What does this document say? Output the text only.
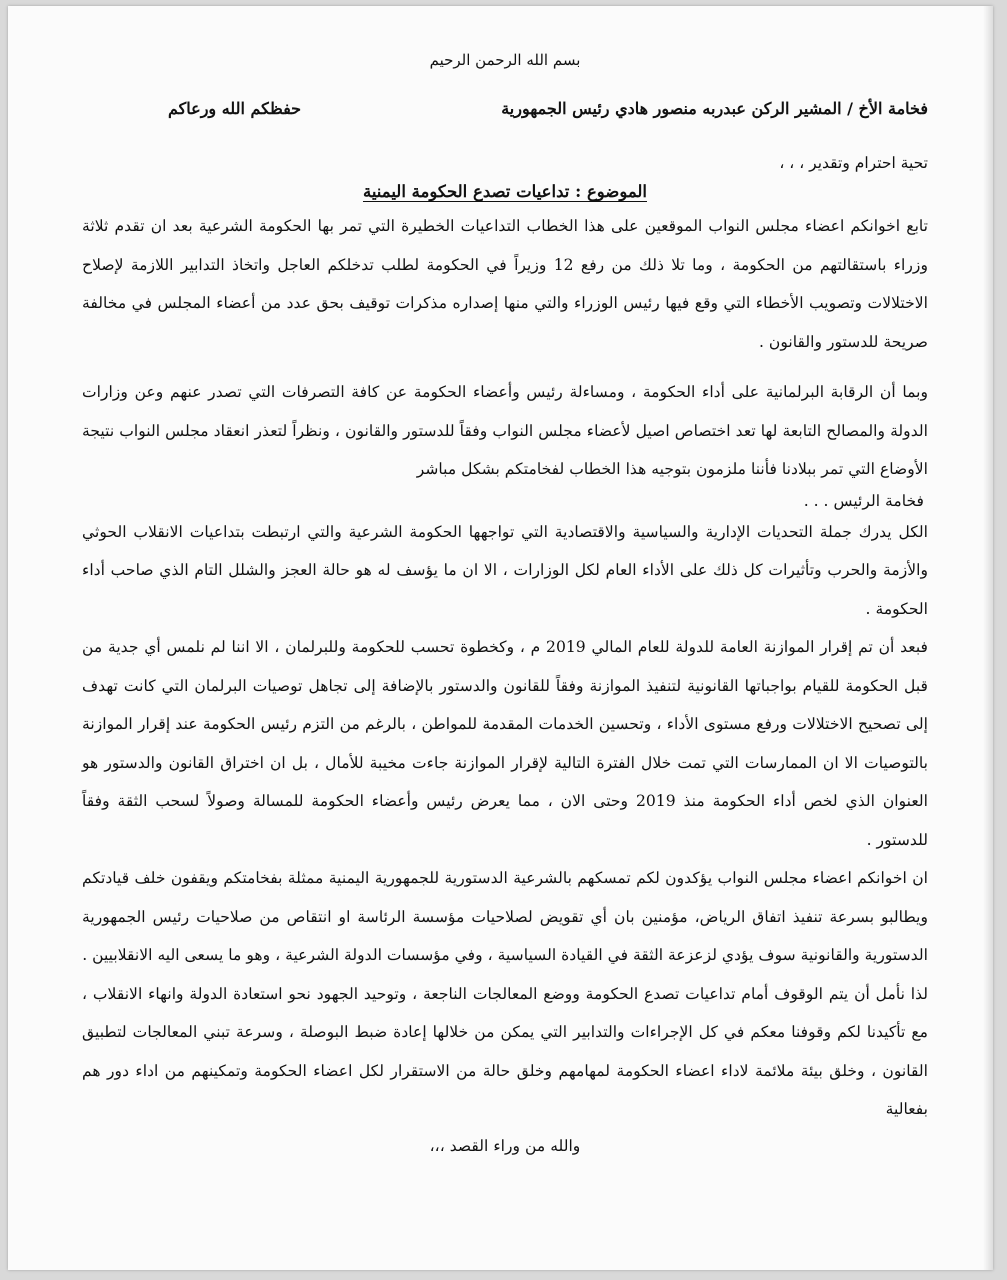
بسم الله الرحمن الرحيم
فخامة الأخ / المشير الركن عبدربه منصور هادي رئيس الجمهورية
حفظكم الله ورعاكم
تحية احترام وتقدير ، ، ،
الموضوع : تداعيات تصدع الحكومة اليمنية

تابع اخوانكم اعضاء مجلس النواب الموقعين على هذا الخطاب التداعيات الخطيرة التي تمر بها الحكومة الشرعية بعد ان تقدم ثلاثة وزراء باستقالتهم من الحكومة ، وما تلا ذلك من رفع 12 وزيراً في الحكومة لطلب تدخلكم العاجل واتخاذ التدابير اللازمة لإصلاح الاختلالات وتصويب الأخطاء التي وقع فيها رئيس الوزراء والتي منها إصداره مذكرات توقيف بحق عدد من أعضاء المجلس في مخالفة صريحة للدستور والقانون .

وبما أن الرقابة البرلمانية على أداء الحكومة ، ومساءلة رئيس وأعضاء الحكومة عن كافة التصرفات التي تصدر عنهم وعن وزارات الدولة والمصالح التابعة لها تعد اختصاص اصيل لأعضاء مجلس النواب وفقاً للدستور والقانون ، ونظراً لتعذر انعقاد مجلس النواب نتيجة الأوضاع التي تمر ببلادنا فأننا ملزمون بتوجيه هذا الخطاب لفخامتكم بشكل مباشر

فخامة الرئيس . . .

الكل يدرك جملة التحديات الإدارية والسياسية والاقتصادية التي تواجهها الحكومة الشرعية والتي ارتبطت بتداعيات الانقلاب الحوثي والأزمة والحرب وتأثيرات كل ذلك على الأداء العام لكل الوزارات ، الا ان ما يؤسف له هو حالة العجز والشلل التام الذي صاحب أداء الحكومة .

فبعد أن تم إقرار الموازنة العامة للدولة للعام المالي 2019 م ، وكخطوة تحسب للحكومة وللبرلمان ، الا اننا لم نلمس أي جدية من قبل الحكومة للقيام بواجباتها القانونية لتنفيذ الموازنة وفقاً للقانون والدستور بالإضافة إلى تجاهل توصيات البرلمان التي كانت تهدف إلى تصحيح الاختلالات ورفع مستوى الأداء ، وتحسين الخدمات المقدمة للمواطن ، بالرغم من التزم رئيس الحكومة عند إقرار الموازنة بالتوصيات الا ان الممارسات التي تمت خلال الفترة التالية لإقرار الموازنة جاءت مخيبة للأمال ، بل ان اختراق القانون والدستور هو العنوان الذي لخص أداء الحكومة منذ 2019 وحتى الان ، مما يعرض رئيس وأعضاء الحكومة للمسالة وصولاً لسحب الثقة وفقاً للدستور .

ان اخوانكم اعضاء مجلس النواب يؤكدون لكم تمسكهم بالشرعية الدستورية للجمهورية اليمنية ممثلة بفخامتكم ويقفون خلف قيادتكم ويطالبو بسرعة تنفيذ اتفاق الرياض، مؤمنين بان أي تقويض لصلاحيات مؤسسة الرئاسة او انتقاص من صلاحيات رئيس الجمهورية الدستورية والقانونية سوف يؤدي لزعزعة الثقة في القيادة السياسية ، وفي مؤسسات الدولة الشرعية ، وهو ما يسعى اليه الانقلابيين .

لذا نأمل أن يتم الوقوف أمام تداعيات تصدع الحكومة ووضع المعالجات الناجعة ، وتوحيد الجهود نحو استعادة الدولة وانهاء الانقلاب ، مع تأكيدنا لكم وقوفنا معكم في كل الإجراءات والتدابير التي يمكن من خلالها إعادة ضبط البوصلة ، وسرعة تبني المعالجات لتطبيق القانون ، وخلق بيئة ملائمة لاداء اعضاء الحكومة لمهامهم وخلق حالة من الاستقرار لكل اعضاء الحكومة وتمكينهم من اداء دور هم بفعالية

والله من وراء القصد ،،،
